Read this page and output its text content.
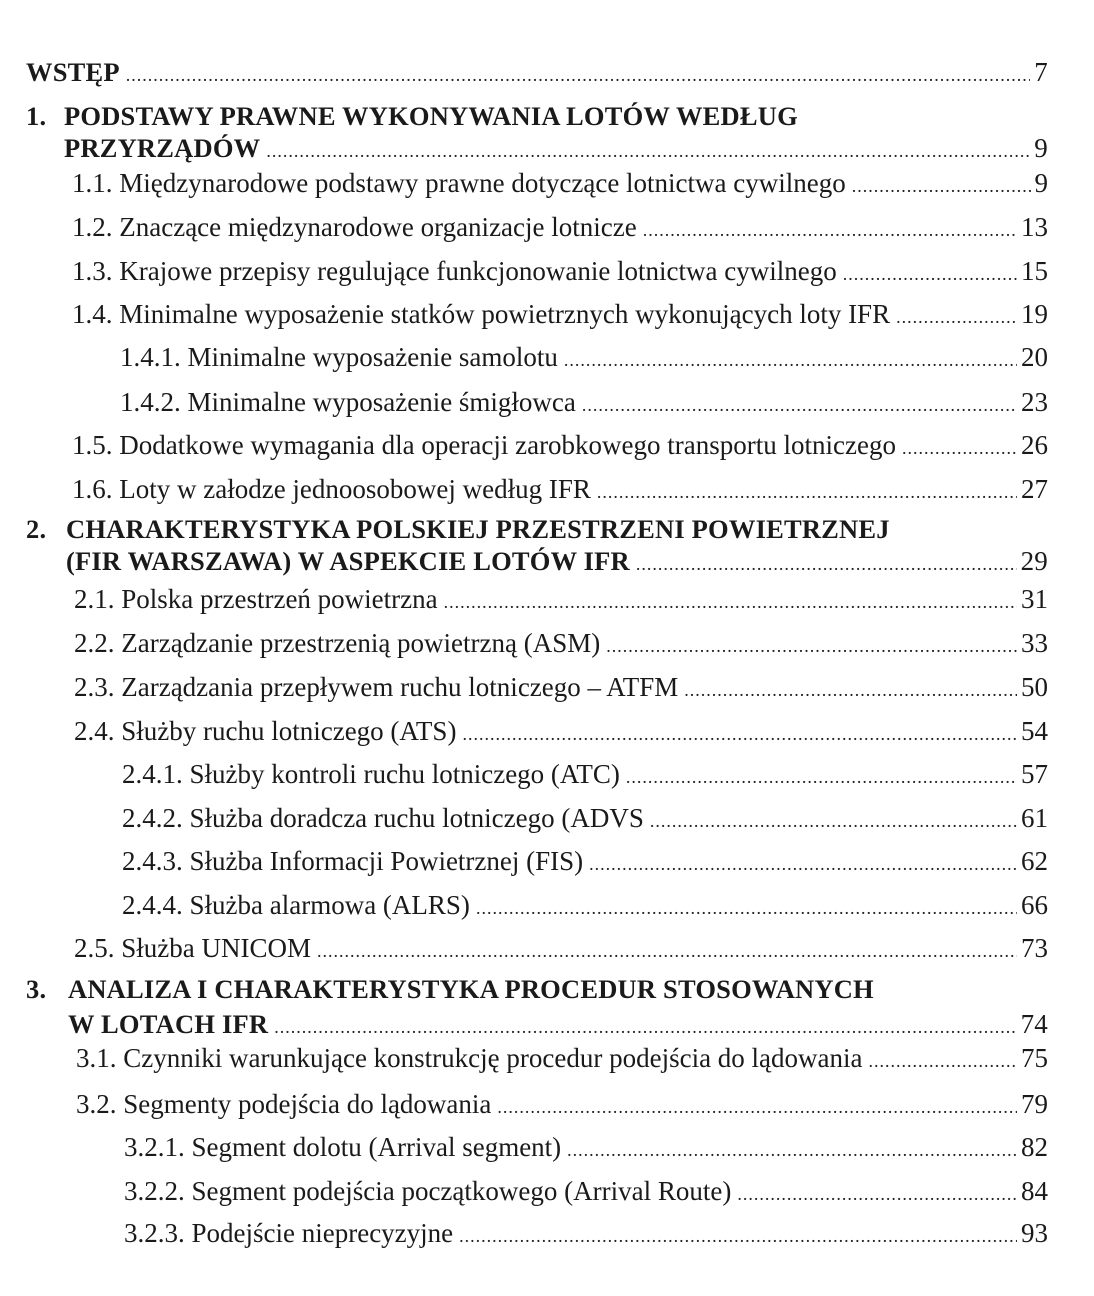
WSTĘP .....	7
1. PODSTAWY PRAWNE WYKONYWANIA LOTÓW WEDŁUG
PRZYRZĄDÓW .....	9
1.1. Międzynarodowe podstawy prawne dotyczące lotnictwa cywilnego .....	9
1.2. Znaczące międzynarodowe organizacje lotnicze .....	13
1.3. Krajowe przepisy regulujące funkcjonowanie lotnictwa cywilnego .....	15
1.4. Minimalne wyposażenie statków powietrznych wykonujących loty IFR .....	19
1.4.1. Minimalne wyposażenie samolotu .....	20
1.4.2. Minimalne wyposażenie śmigłowca .....	23
1.5. Dodatkowe wymagania dla operacji zarobkowego transportu lotniczego .....	26
1.6. Loty w załodze jednoosobowej według IFR .....	27
2. CHARAKTERYSTYKA POLSKIEJ PRZESTRZENI POWIETRZNEJ
(FIR WARSZAWA) W ASPEKCIE LOTÓW IFR .....	29
2.1. Polska przestrzeń powietrzna .....	31
2.2. Zarządzanie przestrzenią powietrzną (ASM) .....	33
2.3. Zarządzania przepływem ruchu lotniczego – ATFM .....	50
2.4. Służby ruchu lotniczego (ATS) .....	54
2.4.1. Służby kontroli ruchu lotniczego (ATC) .....	57
2.4.2. Służba doradcza ruchu lotniczego (ADVS .....	61
2.4.3. Służba Informacji Powietrznej (FIS) .....	62
2.4.4. Służba alarmowa (ALRS) .....	66
2.5. Służba UNICOM .....	73
3. ANALIZA I CHARAKTERYSTYKA PROCEDUR STOSOWANYCH
W LOTACH IFR .....	74
3.1. Czynniki warunkujące konstrukcję procedur podejścia do lądowania .....	75
3.2. Segmenty podejścia do lądowania .....	79
3.2.1. Segment dolotu (Arrival segment) .....	82
3.2.2. Segment podejścia początkowego (Arrival Route) .....	84
3.2.3. Podejście nieprecyzyjne .....	93
